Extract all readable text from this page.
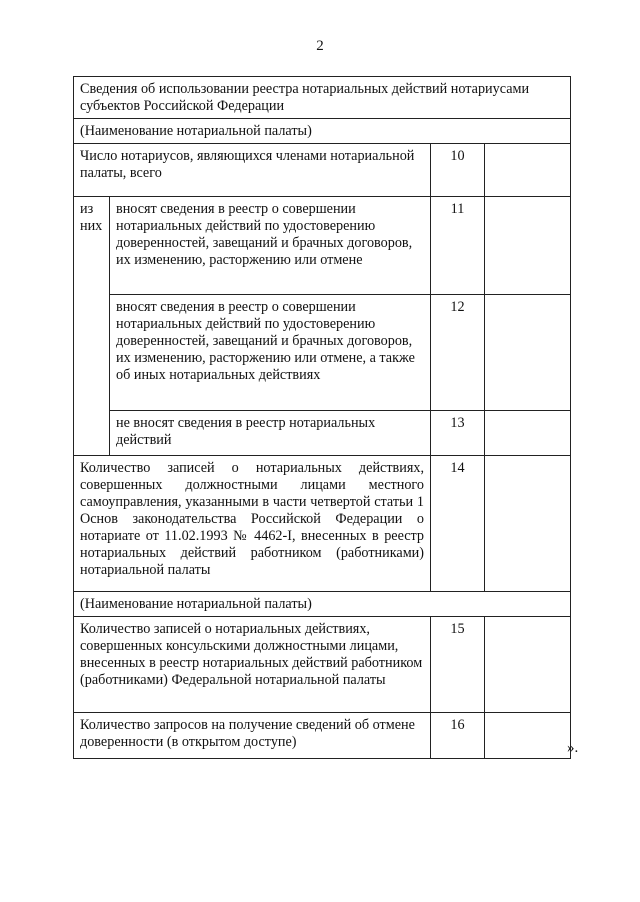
2
Сведения об использовании реестра нотариальных действий нотариусами субъектов Российской Федерации			
(Наименование нотариальной палаты)			
Число нотариусов, являющихся членами нотариальной палаты, всего		10	
из них	вносят сведения в реестр о совершении нотариальных действий по удостоверению доверенностей, завещаний и брачных договоров, их изменению, расторжению или отмене	11	
	вносят сведения в реестр о совершении нотариальных действий по удостоверению доверенностей, завещаний и брачных договоров, их изменению, расторжению или отмене, а также об иных нотариальных действиях	12	
	не вносят сведения в реестр нотариальных действий	13	
Количество записей о нотариальных действиях, совершенных должностными лицами местного самоуправления, указанными в части четвертой статьи 1 Основ законодательства Российской Федерации о нотариате от 11.02.1993 № 4462-I, внесенных в реестр нотариальных действий работником (работниками) нотариальной палаты		14	
(Наименование нотариальной палаты)			
Количество записей о нотариальных действиях, совершенных консульскими должностными лицами, внесенных в реестр нотариальных действий работником (работниками) Федеральной нотариальной палаты		15	
Количество запросов на получение сведений об отмене доверенности (в открытом доступе)		16	
».
